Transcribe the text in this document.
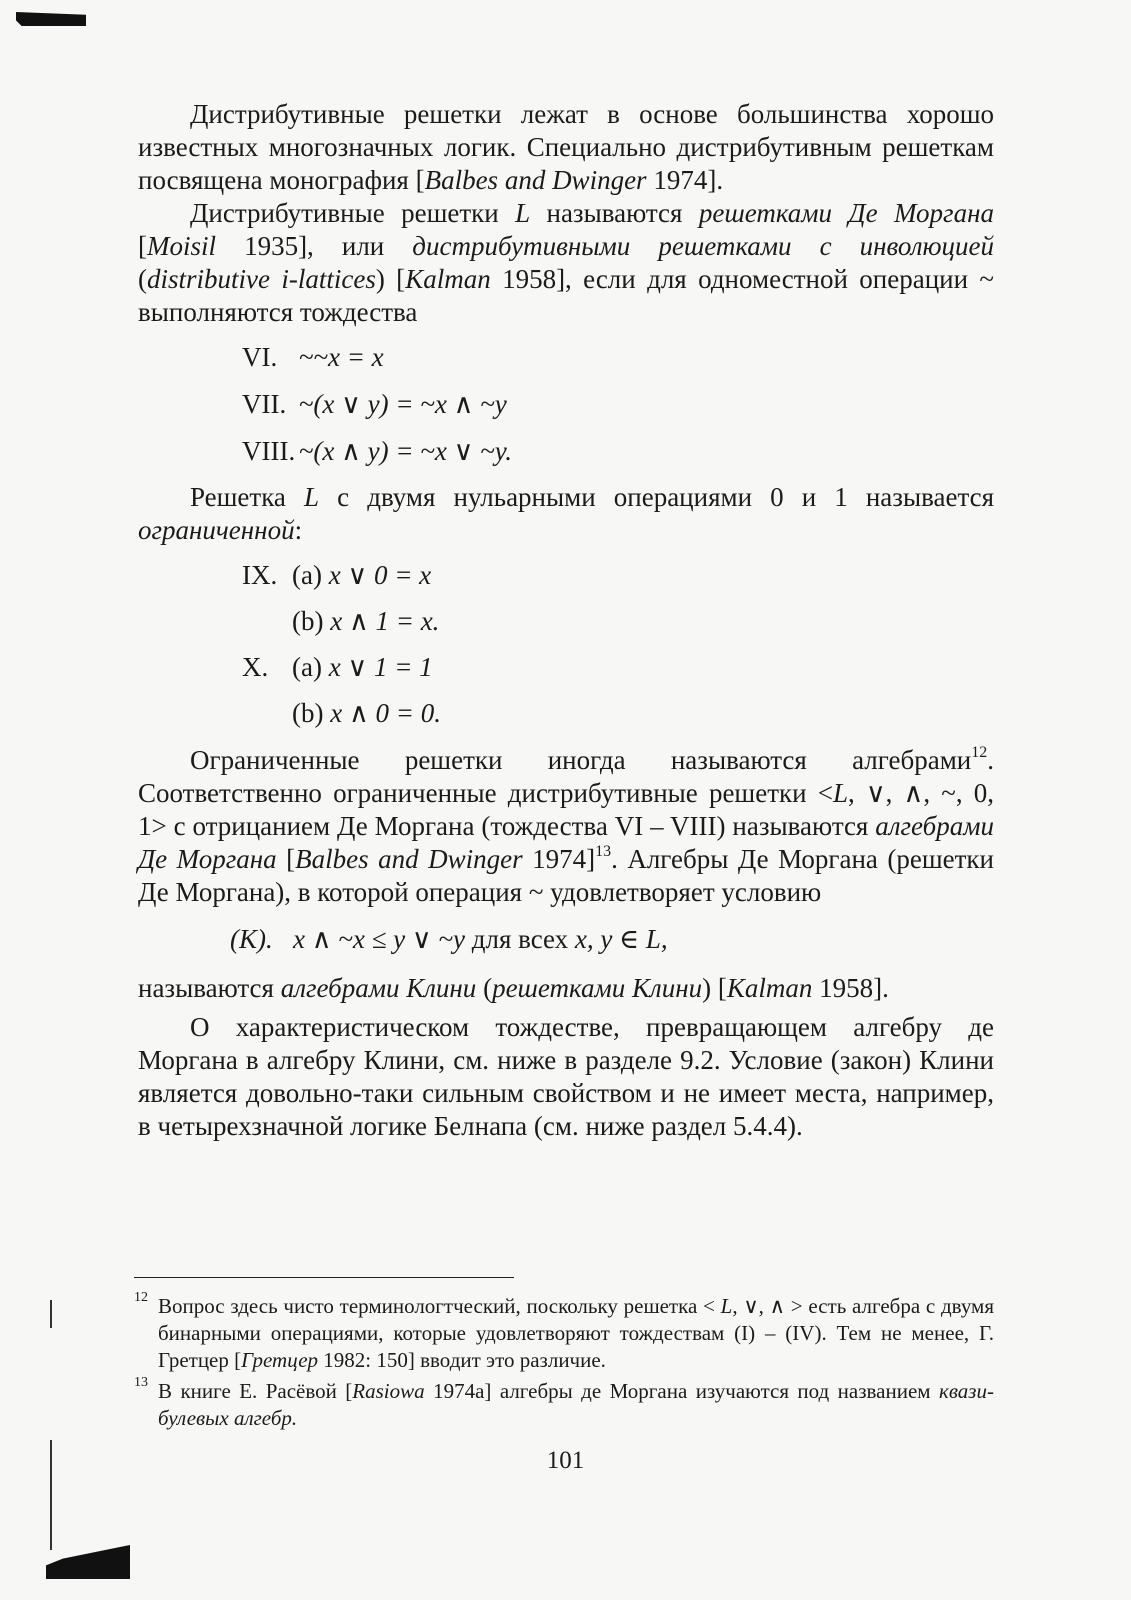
Дистрибутивные решетки лежат в основе большинства хорошо известных многозначных логик. Специально дистрибутивным решеткам посвящена монография [Balbes and Dwinger 1974].

Дистрибутивные решетки L называются решетками Де Моргана [Moisil 1935], или дистрибутивными решетками с инволюцией (distributive i-lattices) [Kalman 1958], если для одноместной операции ~ выполняются тождества

VI. ~~x = x

VII. ~(x ∨ y) = ~x ∧ ~y

VIII. ~(x ∧ y) = ~x ∨ ~y.

Решетка L с двумя нульарными операциями 0 и 1 называется ограниченной:

IX. (a) x ∨ 0 = x

(b) x ∧ 1 = x.

X. (a) x ∨ 1 = 1

(b) x ∧ 0 = 0.

Ограниченные решетки иногда называются алгебрами$^{12}$. Соответственно ограниченные дистрибутивные решетки <L, ∨, ∧, ~, 0, 1> с отрицанием Де Моргана (тождества VI – VIII) называются алгебрами Де Моргана [Balbes and Dwinger 1974]$^{13}$. Алгебры Де Моргана (решетки Де Моргана), в которой операция ~ удовлетворяет условию

(K). x ∧ ~x ≤ y ∨ ~y для всех x, y ∈ L,

называются алгебрами Клини (решетками Клини) [Kalman 1958].

О характеристическом тождестве, превращающем алгебру де Моргана в алгебру Клини, см. ниже в разделе 9.2. Условие (закон) Клини является довольно-таки сильным свойством и не имеет места, например, в четырехзначной логике Белнапа (см. ниже раздел 5.4.4).

$^{12}$ Вопрос здесь чисто терминологтческий, поскольку решетка < L, ∨, ∧ > есть алгебра с двумя бинарными операциями, которые удовлетворяют тождествам (I) – (IV). Тем не менее, Г. Гретцер [Гретцер 1982: 150] вводит это различие.

$^{13}$ В книге Е. Расёвой [Rasiowa 1974a] алгебры де Моргана изучаются под названием квази-булевых алгебр.

101
